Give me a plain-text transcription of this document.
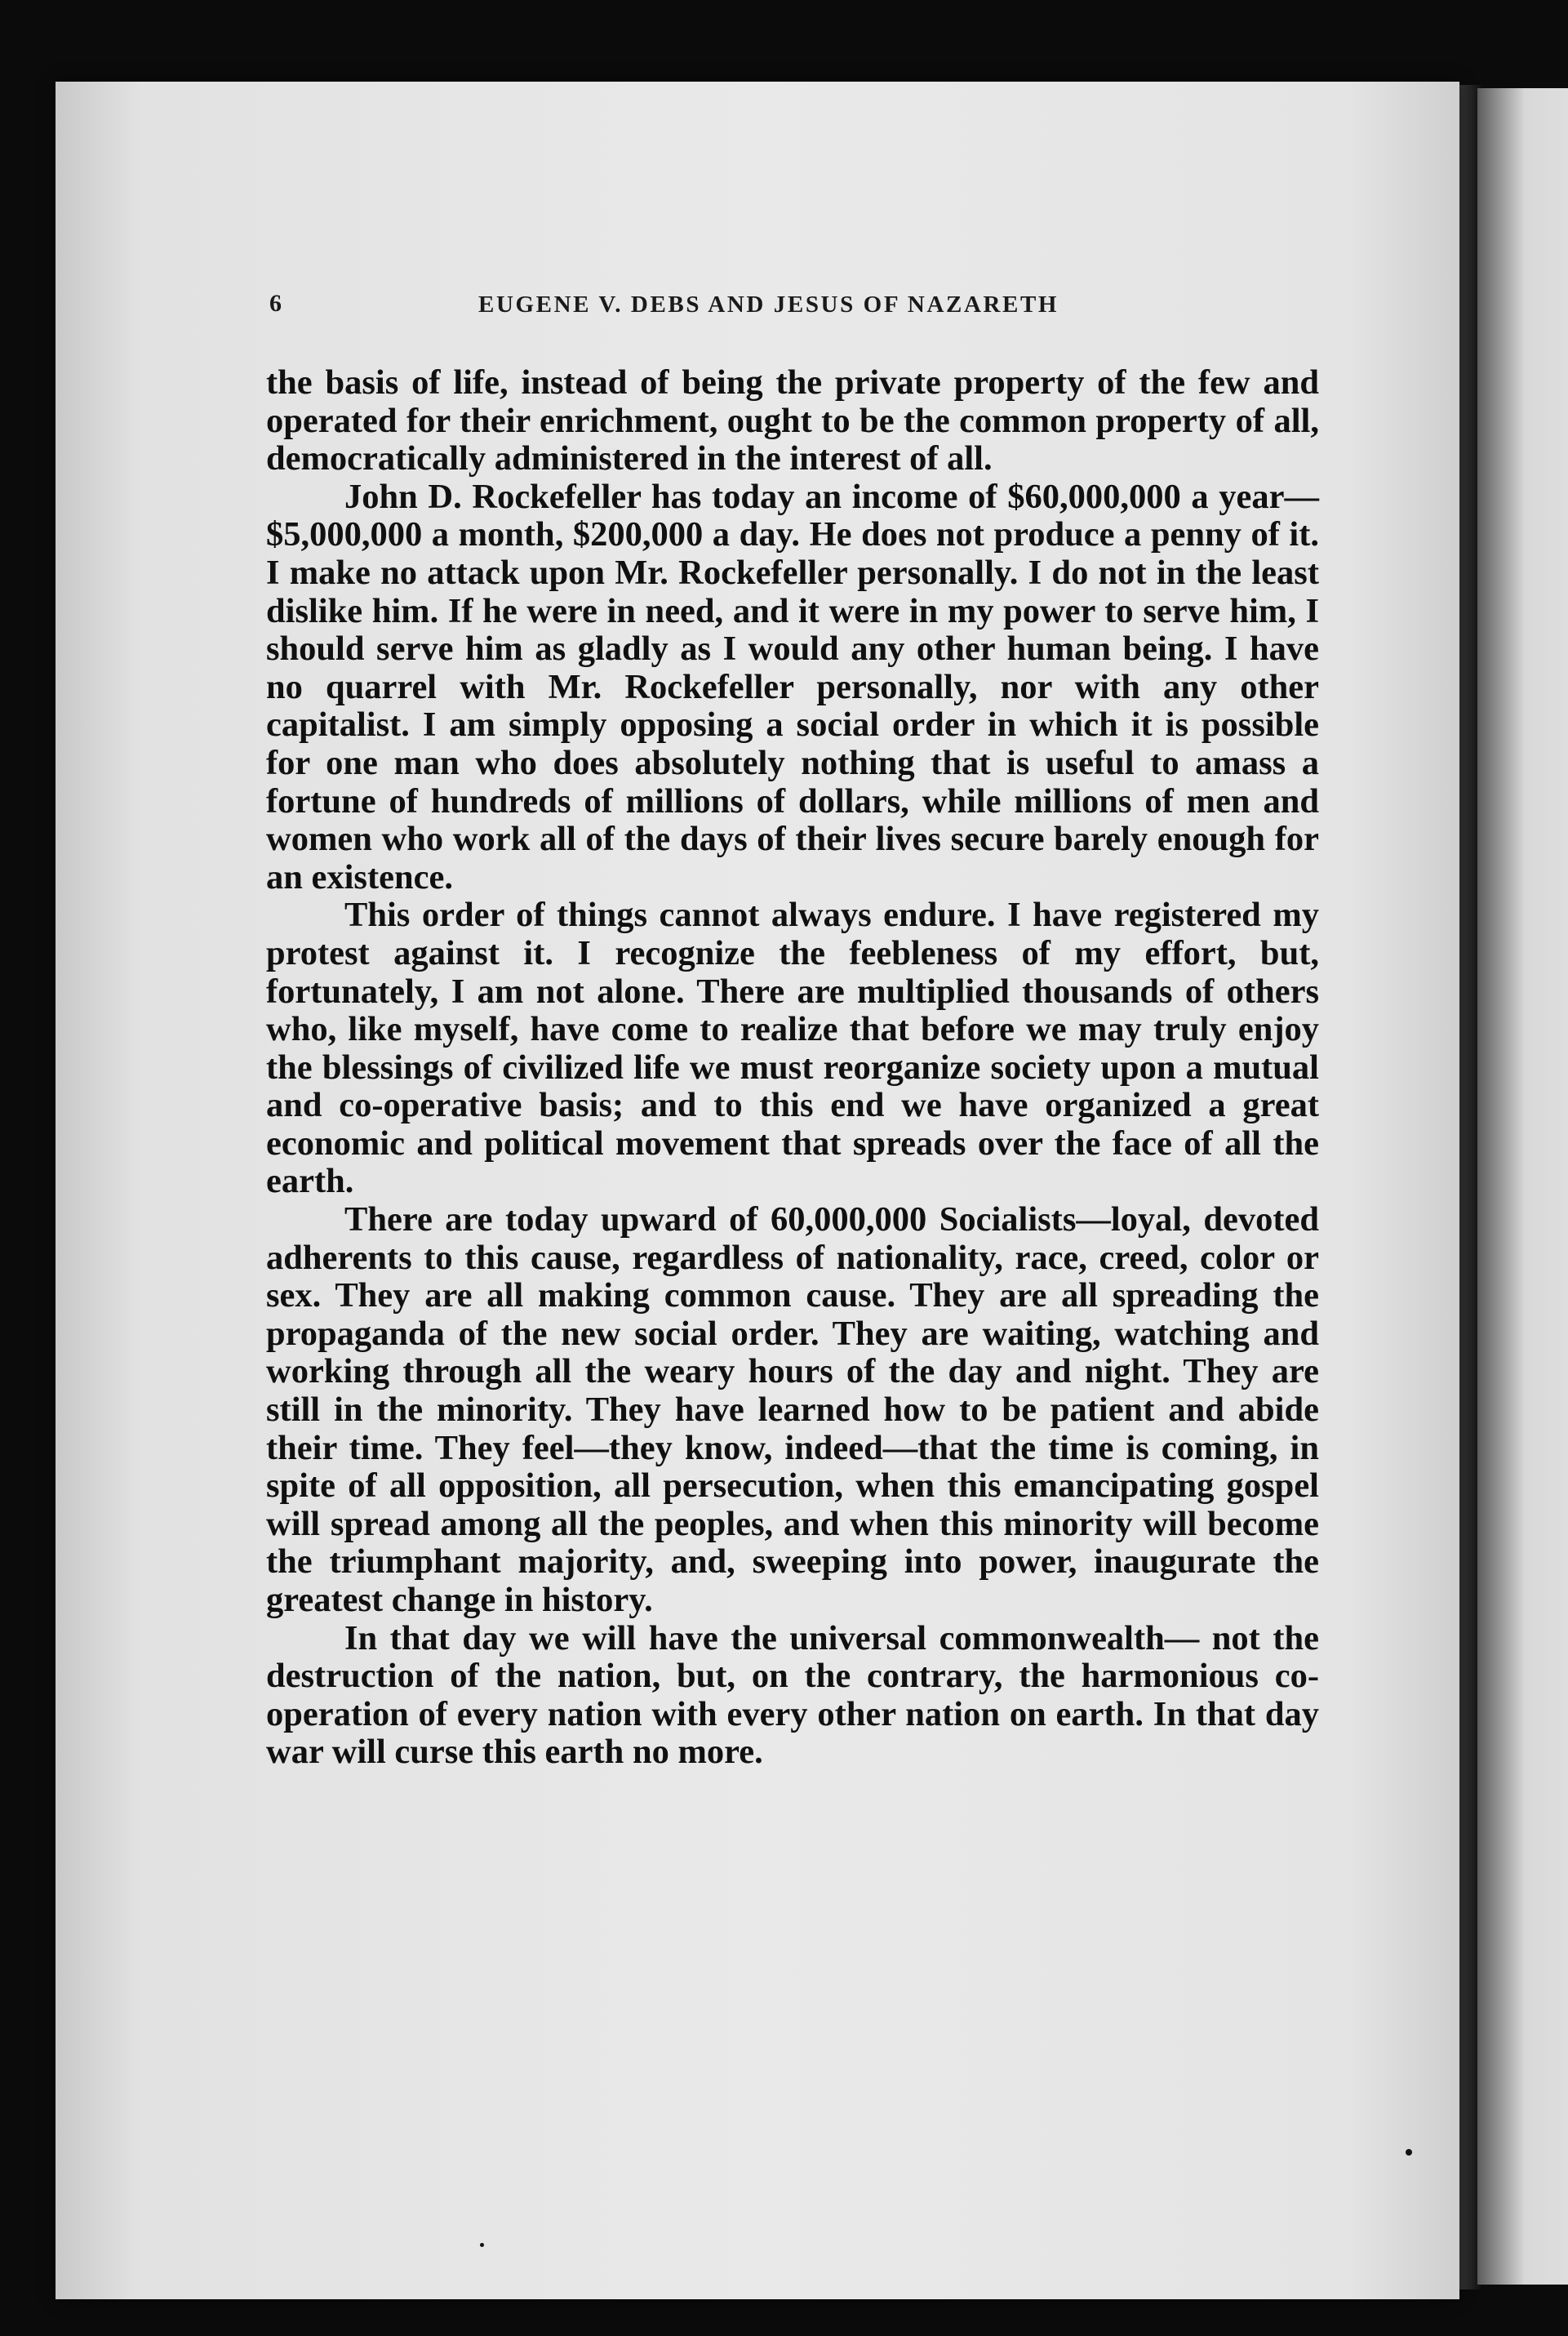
6	EUGENE V. DEBS AND JESUS OF NAZARETH

the basis of life, instead of being the private property of the few and operated for their enrichment, ought to be the common property of all, democratically administered in the interest of all.

John D. Rockefeller has today an income of $60,000,000 a year—$5,000,000 a month, $200,000 a day. He does not produce a penny of it. I make no attack upon Mr. Rockefeller personally. I do not in the least dislike him. If he were in need, and it were in my power to serve him, I should serve him as gladly as I would any other human being. I have no quarrel with Mr. Rockefeller personally, nor with any other capitalist. I am simply opposing a social order in which it is possible for one man who does absolutely nothing that is useful to amass a fortune of hundreds of millions of dollars, while millions of men and women who work all of the days of their lives secure barely enough for an existence.

This order of things cannot always endure. I have registered my protest against it. I recognize the feebleness of my effort, but, fortunately, I am not alone. There are multiplied thousands of others who, like myself, have come to realize that before we may truly enjoy the blessings of civilized life we must reorganize society upon a mutual and co-operative basis; and to this end we have organized a great economic and political movement that spreads over the face of all the earth.

There are today upward of 60,000,000 Socialists—loyal, devoted adherents to this cause, regardless of nationality, race, creed, color or sex. They are all making common cause. They are all spreading the propaganda of the new social order. They are waiting, watching and working through all the weary hours of the day and night. They are still in the minority. They have learned how to be patient and abide their time. They feel—they know, indeed—that the time is coming, in spite of all opposition, all persecution, when this emancipating gospel will spread among all the peoples, and when this minority will become the triumphant majority, and, sweeping into power, inaugurate the greatest change in history.

In that day we will have the universal commonwealth— not the destruction of the nation, but, on the contrary, the harmonious co-operation of every nation with every other nation on earth. In that day war will curse this earth no more.
